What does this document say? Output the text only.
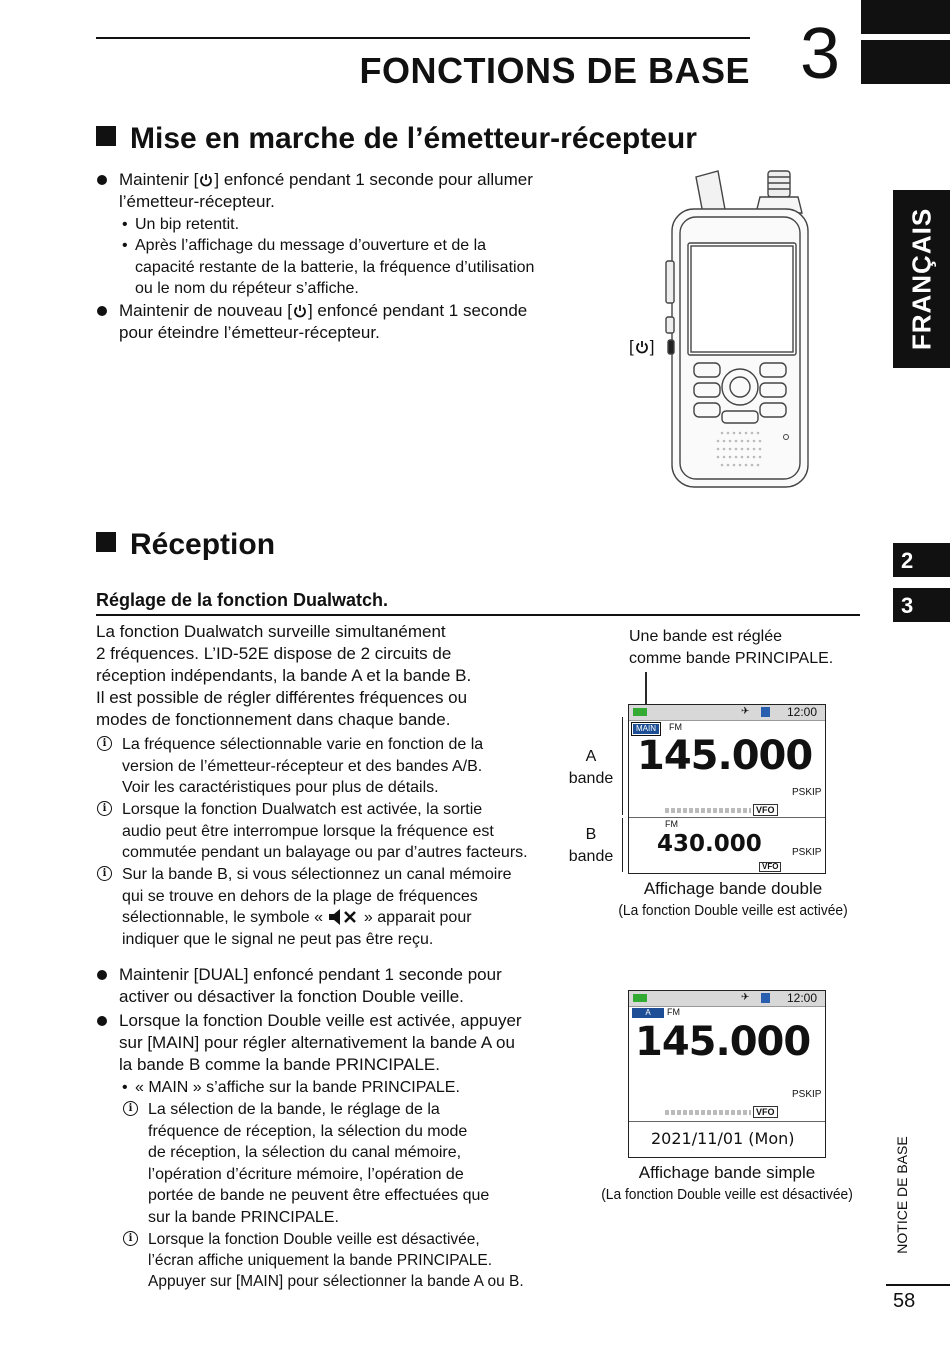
FONCTIONS DE BASE 3
FRANÇAIS
2
3
Mise en marche de l’émetteur-récepteur
Maintenir [ ] enfoncé pendant 1 seconde pour allumer
l’émetteur-récepteur.
• Un bip retentit.
• Après l’affichage du message d’ouverture et de la
capacité restante de la batterie, la fréquence d’utilisation
ou le nom du répéteur s’affiche.
Maintenir de nouveau [ ] enfoncé pendant 1 seconde
pour éteindre l’émetteur-récepteur.
[ ]
Réception
Réglage de la fonction Dualwatch.
La fonction Dualwatch surveille simultanément
2 fréquences. L’ID-52E dispose de 2 circuits de
réception indépendants, la bande A et la bande B.
Il est possible de régler différentes fréquences ou
modes de fonctionnement dans chaque bande.
i La fréquence sélectionnable varie en fonction de la
version de l’émetteur-récepteur et des bandes A/B.
Voir les caractéristiques pour plus de détails.
i Lorsque la fonction Dualwatch est activée, la sortie
audio peut être interrompue lorsque la fréquence est
commutée pendant un balayage ou par d’autres facteurs.
i Sur la bande B, si vous sélectionnez un canal mémoire
qui se trouve en dehors de la plage de fréquences
sélectionnable, le symbole «	» apparait pour
indiquer que le signal ne peut pas être reçu.
Maintenir [DUAL] enfoncé pendant 1 seconde pour
activer ou désactiver la fonction Double veille.
Lorsque la fonction Double veille est activée, appuyer
sur [MAIN] pour régler alternativement la bande A ou
la bande B comme la bande PRINCIPALE.
• « MAIN » s’affiche sur la bande PRINCIPALE.
i La sélection de la bande, le réglage de la
fréquence de réception, la sélection du mode
de réception, la sélection du canal mémoire,
l’opération d’écriture mémoire, l’opération de
portée de bande ne peuvent être effectuées que
sur la bande PRINCIPALE.
i	Lorsque la fonction Double veille est désactivée,
l’écran affiche uniquement la bande PRINCIPALE.
Appuyer sur [MAIN] pour sélectionner la bande A ou B.
Une bande est réglée
comme bande PRINCIPALE.
A
bande
B
bande
✈	12:00
MAIN	FM
145.000
PSKIP
VFO
FM
430.000	PSKIP
VFO
Affichage bande double
(La fonction Double veille est activée)
✈	12:00
A	FM
145.000
PSKIP
VFO
2021/11/01 (Mon)
Affichage bande simple
(La fonction Double veille est désactivée)	NOTICE DE BASE
58
